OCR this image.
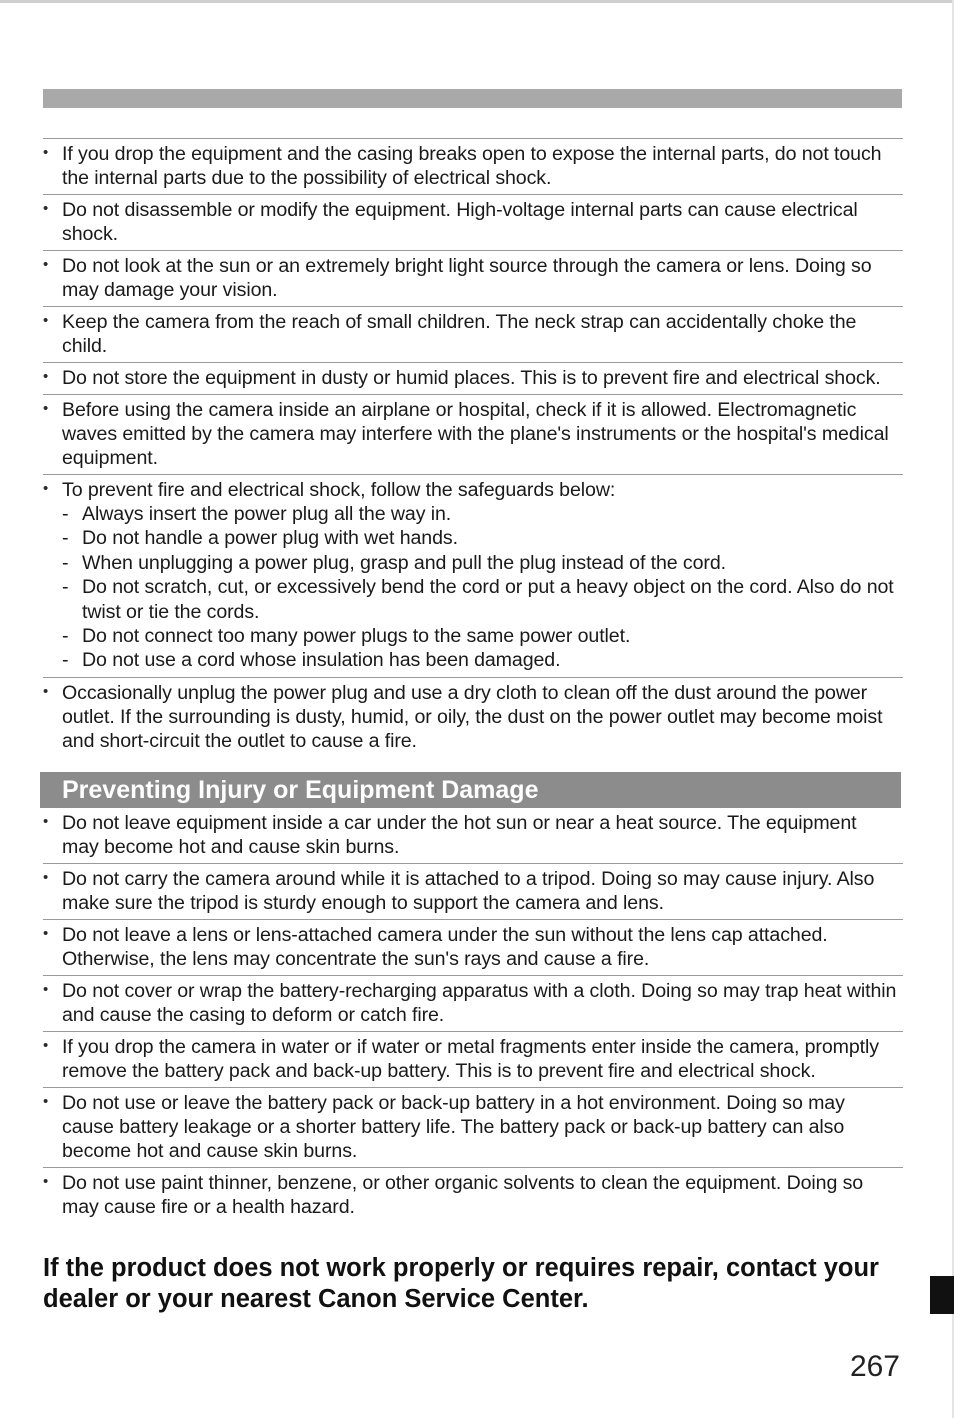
• If you drop the equipment and the casing breaks open to expose the internal parts, do not touch the internal parts due to the possibility of electrical shock.
• Do not disassemble or modify the equipment. High-voltage internal parts can cause electrical shock.
• Do not look at the sun or an extremely bright light source through the camera or lens. Doing so may damage your vision.
• Keep the camera from the reach of small children. The neck strap can accidentally choke the child.
• Do not store the equipment in dusty or humid places. This is to prevent fire and electrical shock.
• Before using the camera inside an airplane or hospital, check if it is allowed. Electromagnetic waves emitted by the camera may interfere with the plane's instruments or the hospital's medical equipment.
• To prevent fire and electrical shock, follow the safeguards below:
- Always insert the power plug all the way in.
- Do not handle a power plug with wet hands.
- When unplugging a power plug, grasp and pull the plug instead of the cord.
- Do not scratch, cut, or excessively bend the cord or put a heavy object on the cord. Also do not twist or tie the cords.
- Do not connect too many power plugs to the same power outlet.
- Do not use a cord whose insulation has been damaged.
• Occasionally unplug the power plug and use a dry cloth to clean off the dust around the power outlet. If the surrounding is dusty, humid, or oily, the dust on the power outlet may become moist and short-circuit the outlet to cause a fire.
Preventing Injury or Equipment Damage
• Do not leave equipment inside a car under the hot sun or near a heat source. The equipment may become hot and cause skin burns.
• Do not carry the camera around while it is attached to a tripod. Doing so may cause injury. Also make sure the tripod is sturdy enough to support the camera and lens.
• Do not leave a lens or lens-attached camera under the sun without the lens cap attached. Otherwise, the lens may concentrate the sun's rays and cause a fire.
• Do not cover or wrap the battery-recharging apparatus with a cloth. Doing so may trap heat within and cause the casing to deform or catch fire.
• If you drop the camera in water or if water or metal fragments enter inside the camera, promptly remove the battery pack and back-up battery. This is to prevent fire and electrical shock.
• Do not use or leave the battery pack or back-up battery in a hot environment. Doing so may cause battery leakage or a shorter battery life. The battery pack or back-up battery can also become hot and cause skin burns.
• Do not use paint thinner, benzene, or other organic solvents to clean the equipment. Doing so may cause fire or a health hazard.
If the product does not work properly or requires repair, contact your dealer or your nearest Canon Service Center.
267
